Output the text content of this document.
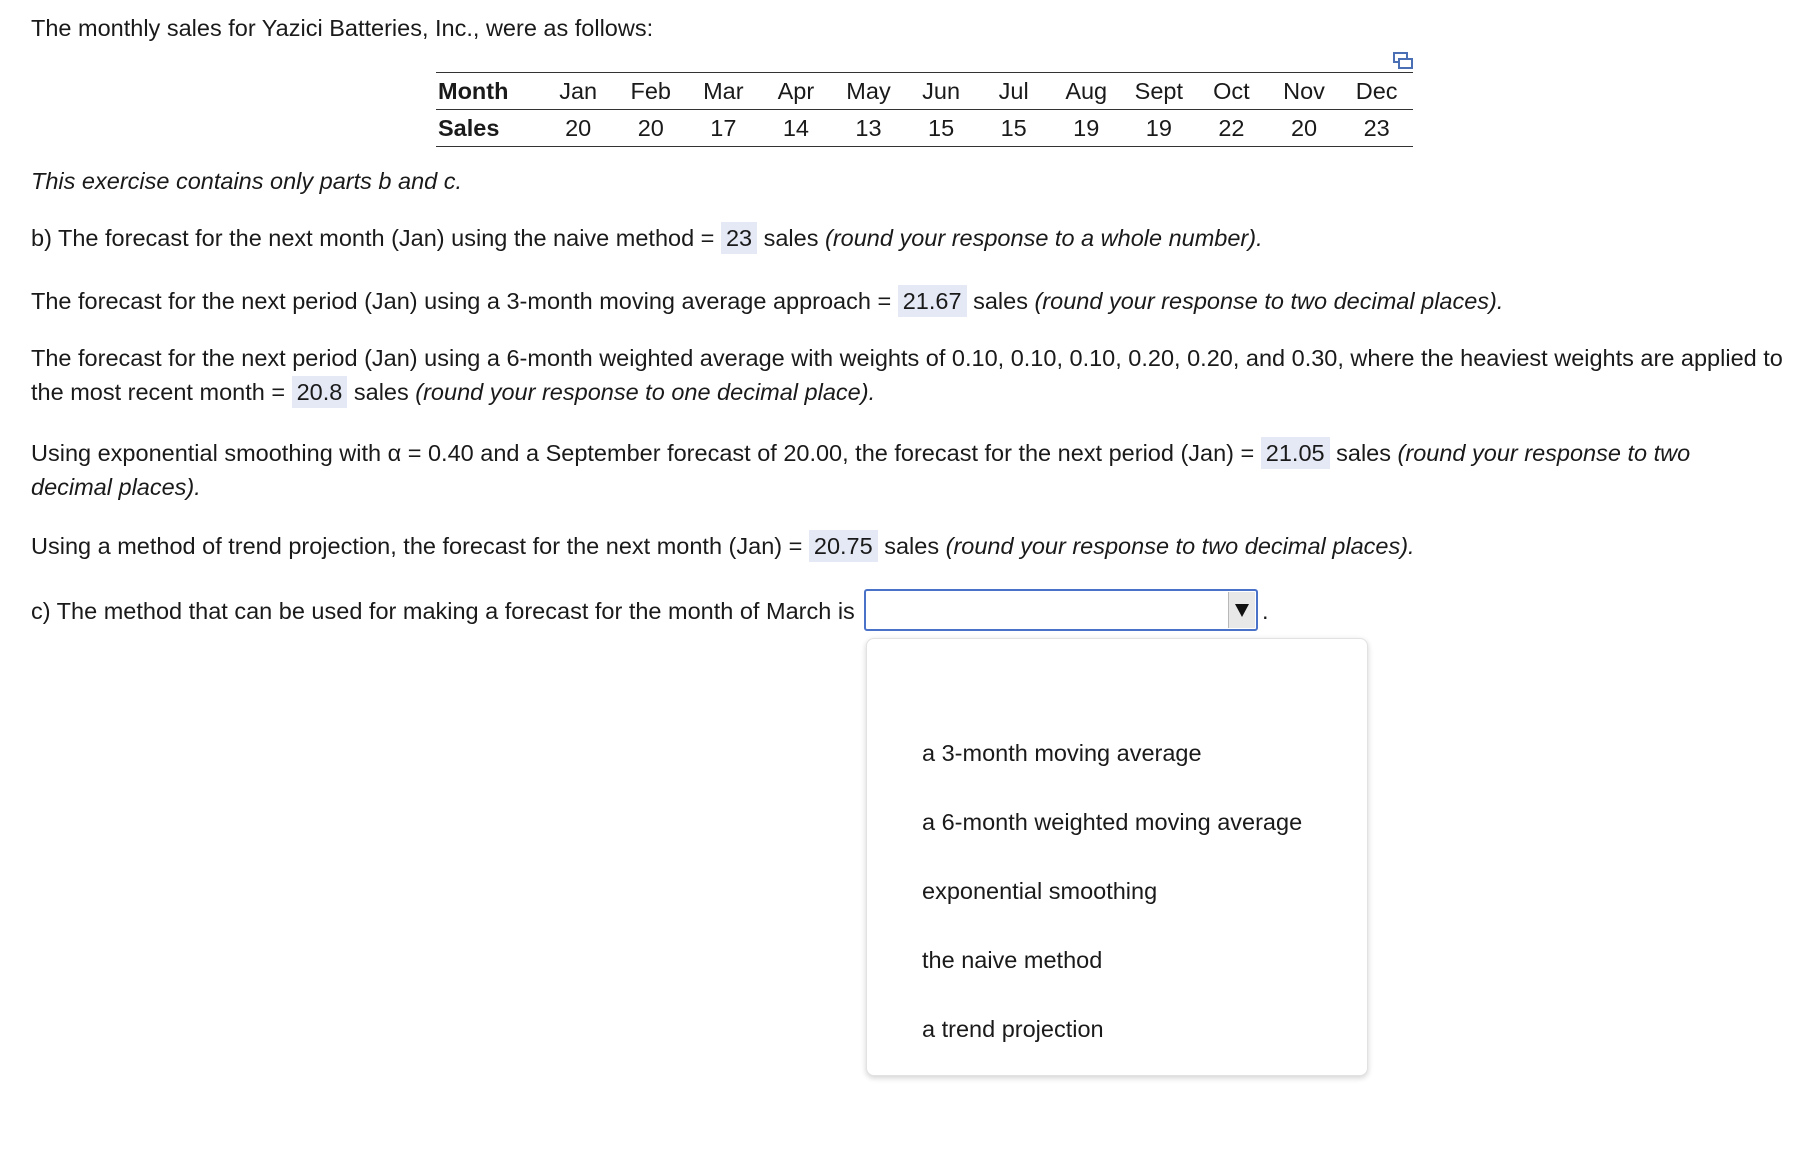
The monthly sales for Yazici Batteries, Inc., were as follows:
Month	Jan	Feb	Mar	Apr	May	Jun	Jul	Aug	Sept	Oct	Nov	Dec
Sales	20	20	17	14	13	15	15	19	19	22	20	23
This exercise contains only parts b and c.
b) The forecast for the next month (Jan) using the naive method = 23 sales (round your response to a whole number).
The forecast for the next period (Jan) using a 3-month moving average approach = 21.67 sales (round your response to two decimal places).
The forecast for the next period (Jan) using a 6-month weighted average with weights of 0.10, 0.10, 0.10, 0.20, 0.20, and 0.30, where the heaviest weights are applied to
the most recent month = 20.8 sales (round your response to one decimal place).
Using exponential smoothing with α = 0.40 and a September forecast of 20.00, the forecast for the next period (Jan) = 21.05 sales (round your response to two
decimal places).
Using a method of trend projection, the forecast for the next month (Jan) = 20.75 sales (round your response to two decimal places).
c) The method that can be used for making a forecast for the month of March is	.
a 3-month moving average
a 6-month weighted moving average
exponential smoothing
the naive method
a trend projection
